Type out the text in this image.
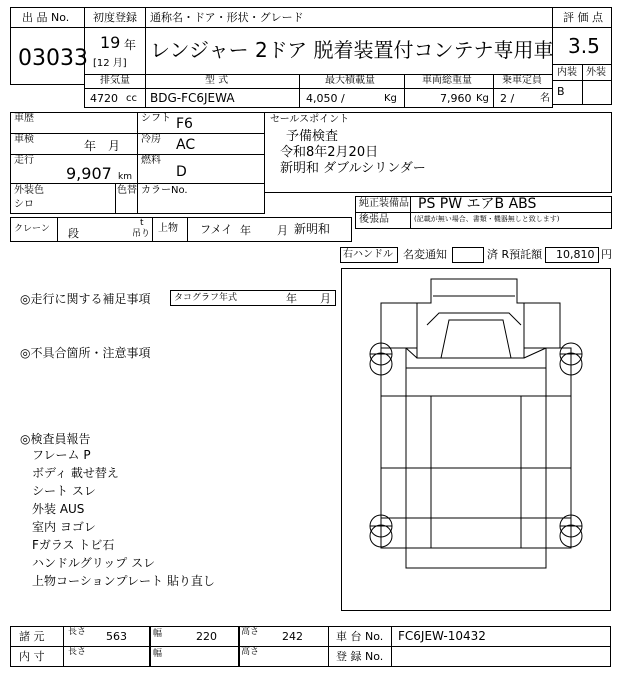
出 品 No.
03033
初度登録
19 年
[12 月]
通称名・ドア・形状・グレード
レンジャー 2ドア 脱着装置付コンテナ専用車
評 価 点
3.5
内装 外装
B
排気量
4720 cc
型 式
BDG-FC6JEWA
最大積載量
4,050 /	Kg
車両総重量
7,960 Kg
乗車定員
2 /	名
車歴
車検	年　月
走行
9,907 km
外装色
シロ
色替
シフト F6
冷房 AC
燃料
D
カラーNo.
セールスポイント
予備検査
令和8年2月20日
新明和 ダブルシリンダー
純正装備品 PS PW エアB ABS
後張品	(記載が無い場合、書類・機器無しと致します)
クレーン 段
t
吊り 上物 フメイ 年 月 新明和
右ハンドル 名変通知	済 R預託額 10,810 円
◎走行に関する補足事項	タコグラフ年式	年 月
◎不具合箇所・注意事項
◎検査員報告
フレーム P
ボディ 載せ替え
シート スレ
外装 AUS
室内 ヨゴレ
Fガラス トビ石
ハンドルグリップ スレ
上物コーションプレート 貼り直し
諸 元	長さ 563	幅	220	高さ 242	車 台 No. FC6JEW-10432
内 寸	長さ	幅	高さ	登 録 No.
